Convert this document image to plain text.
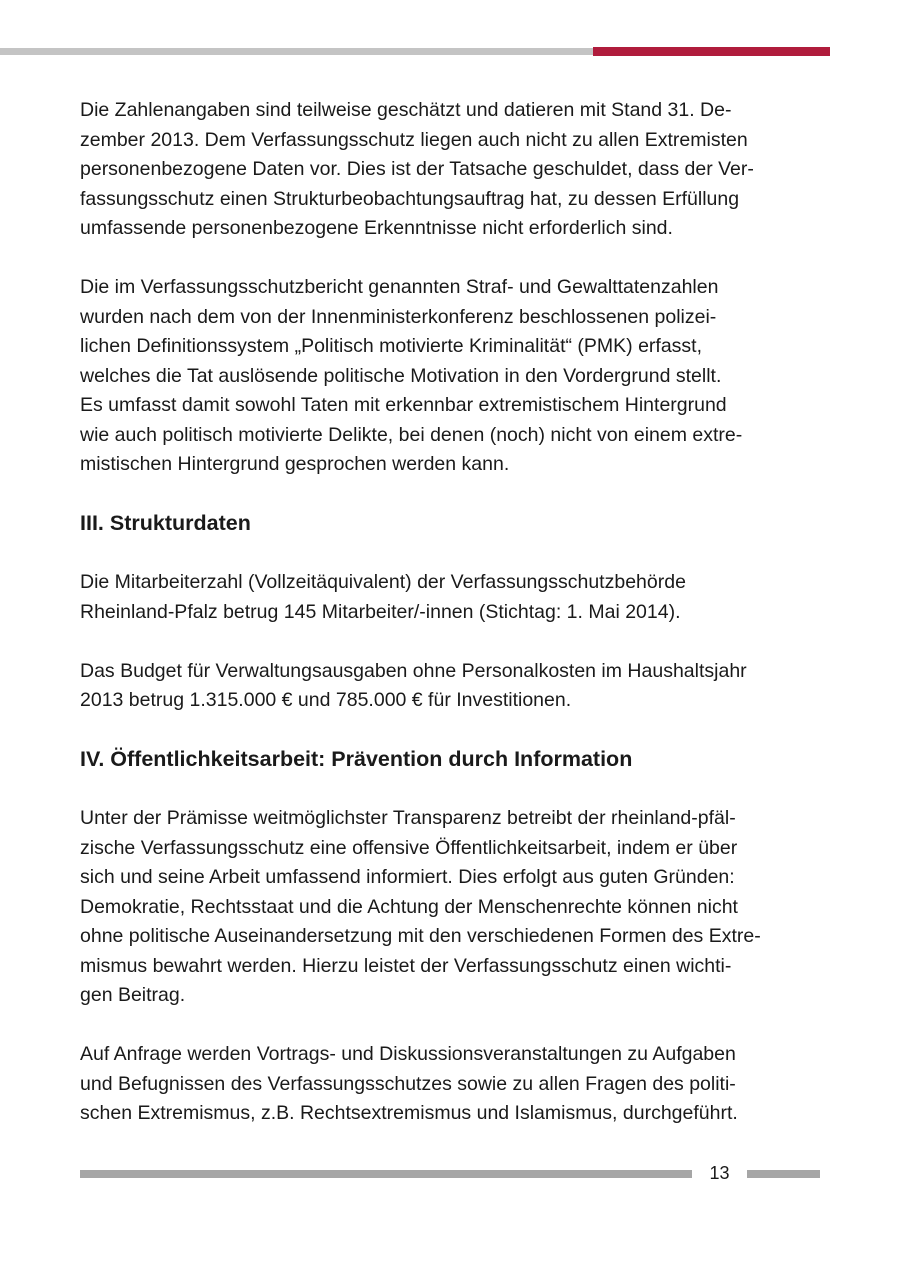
Die Zahlenangaben sind teilweise geschätzt und datieren mit Stand 31. De-
zember 2013. Dem Verfassungsschutz liegen auch nicht zu allen Extremisten
personenbezogene Daten vor. Dies ist der Tatsache geschuldet, dass der Ver-
fassungsschutz einen Strukturbeobachtungsauftrag hat, zu dessen Erfüllung
umfassende personenbezogene Erkenntnisse nicht erforderlich sind.

Die im Verfassungsschutzbericht genannten Straf- und Gewalttatenzahlen
wurden nach dem von der Innenministerkonferenz beschlossenen polizei-
lichen Definitionssystem „Politisch motivierte Kriminalität“ (PMK) erfasst,
welches die Tat auslösende politische Motivation in den Vordergrund stellt.
Es umfasst damit sowohl Taten mit erkennbar extremistischem Hintergrund
wie auch politisch motivierte Delikte, bei denen (noch) nicht von einem extre-
mistischen Hintergrund gesprochen werden kann.

III. Strukturdaten

Die Mitarbeiterzahl (Vollzeitäquivalent) der Verfassungsschutzbehörde
Rheinland-Pfalz betrug 145 Mitarbeiter/-innen (Stichtag: 1. Mai 2014).

Das Budget für Verwaltungsausgaben ohne Personalkosten im Haushaltsjahr
2013 betrug 1.315.000 € und 785.000 € für Investitionen.

IV. Öffentlichkeitsarbeit: Prävention durch Information

Unter der Prämisse weitmöglichster Transparenz betreibt der rheinland-pfäl-
zische Verfassungsschutz eine offensive Öffentlichkeitsarbeit, indem er über
sich und seine Arbeit umfassend informiert. Dies erfolgt aus guten Gründen:
Demokratie, Rechtsstaat und die Achtung der Menschenrechte können nicht
ohne politische Auseinandersetzung mit den verschiedenen Formen des Extre-
mismus bewahrt werden. Hierzu leistet der Verfassungsschutz einen wichti-
gen Beitrag.

Auf Anfrage werden Vortrags- und Diskussionsveranstaltungen zu Aufgaben
und Befugnissen des Verfassungsschutzes sowie zu allen Fragen des politi-
schen Extremismus, z.B. Rechtsextremismus und Islamismus, durchgeführt.

13
